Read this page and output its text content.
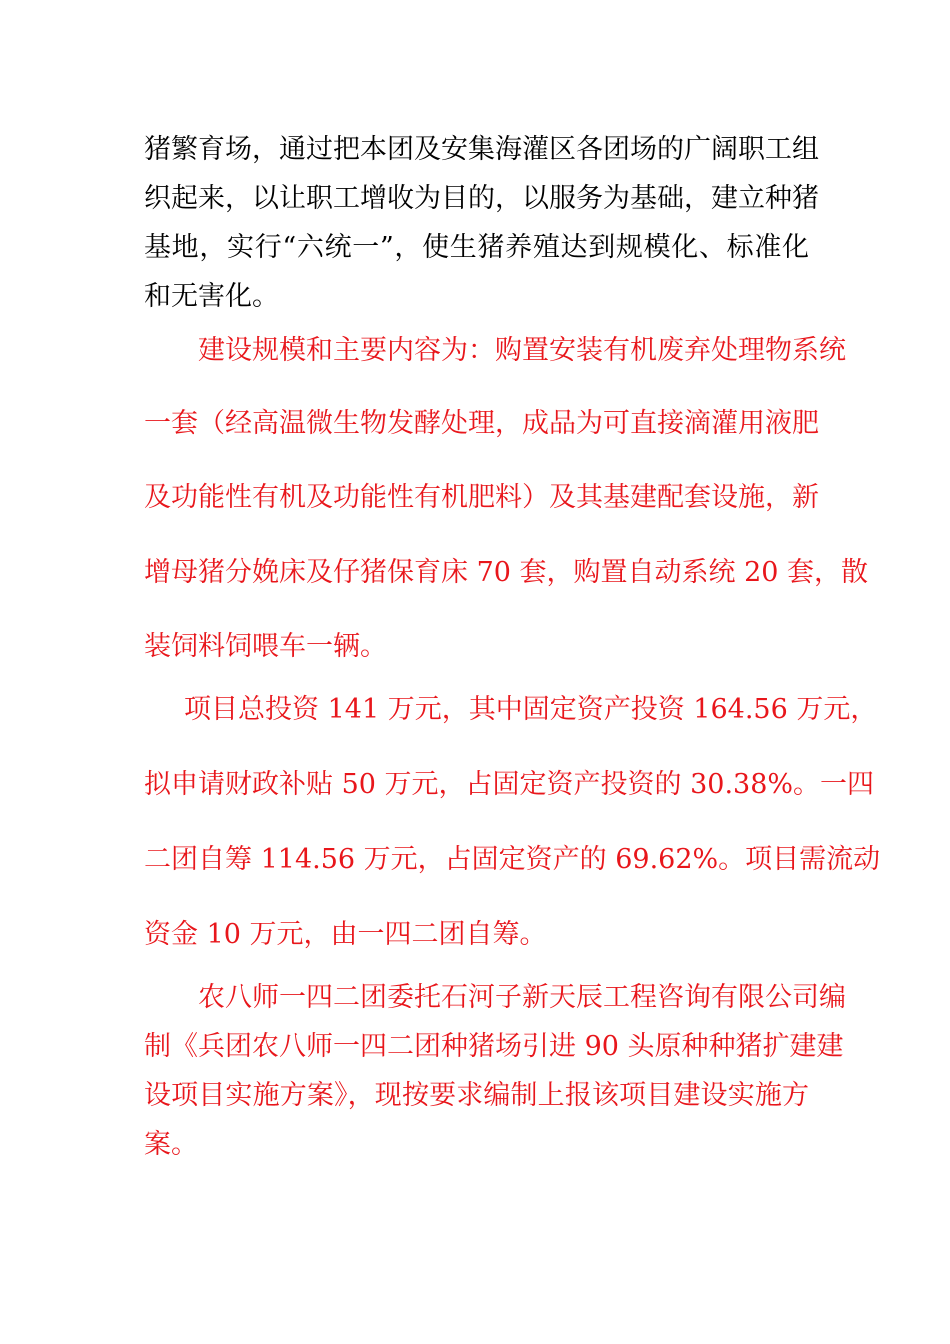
猪繁育场，通过把本团及安集海灌区各团场的广阔职工组
织起来，以让职工增收为目的，以服务为基础，建立种猪
基地，实行“六统一”，使生猪养殖达到规模化、标准化
和无害化。
建设规模和主要内容为：购置安装有机废弃处理物系统
一套（经高温微生物发酵处理，成品为可直接滴灌用液肥
及功能性有机及功能性有机肥料）及其基建配套设施，新
增母猪分娩床及仔猪保育床 70 套，购置自动系统 20 套，散
装饲料饲喂车一辆。
项目总投资 141 万元，其中固定资产投资 164.56 万元，
拟申请财政补贴 50 万元，占固定资产投资的 30.38%。一四
二团自筹 114.56 万元，占固定资产的 69.62%。项目需流动
资金 10 万元，由一四二团自筹。
农八师一四二团委托石河子新天辰工程咨询有限公司编
制《兵团农八师一四二团种猪场引进 90 头原种种猪扩建建
设项目实施方案》，现按要求编制上报该项目建设实施方
案。
